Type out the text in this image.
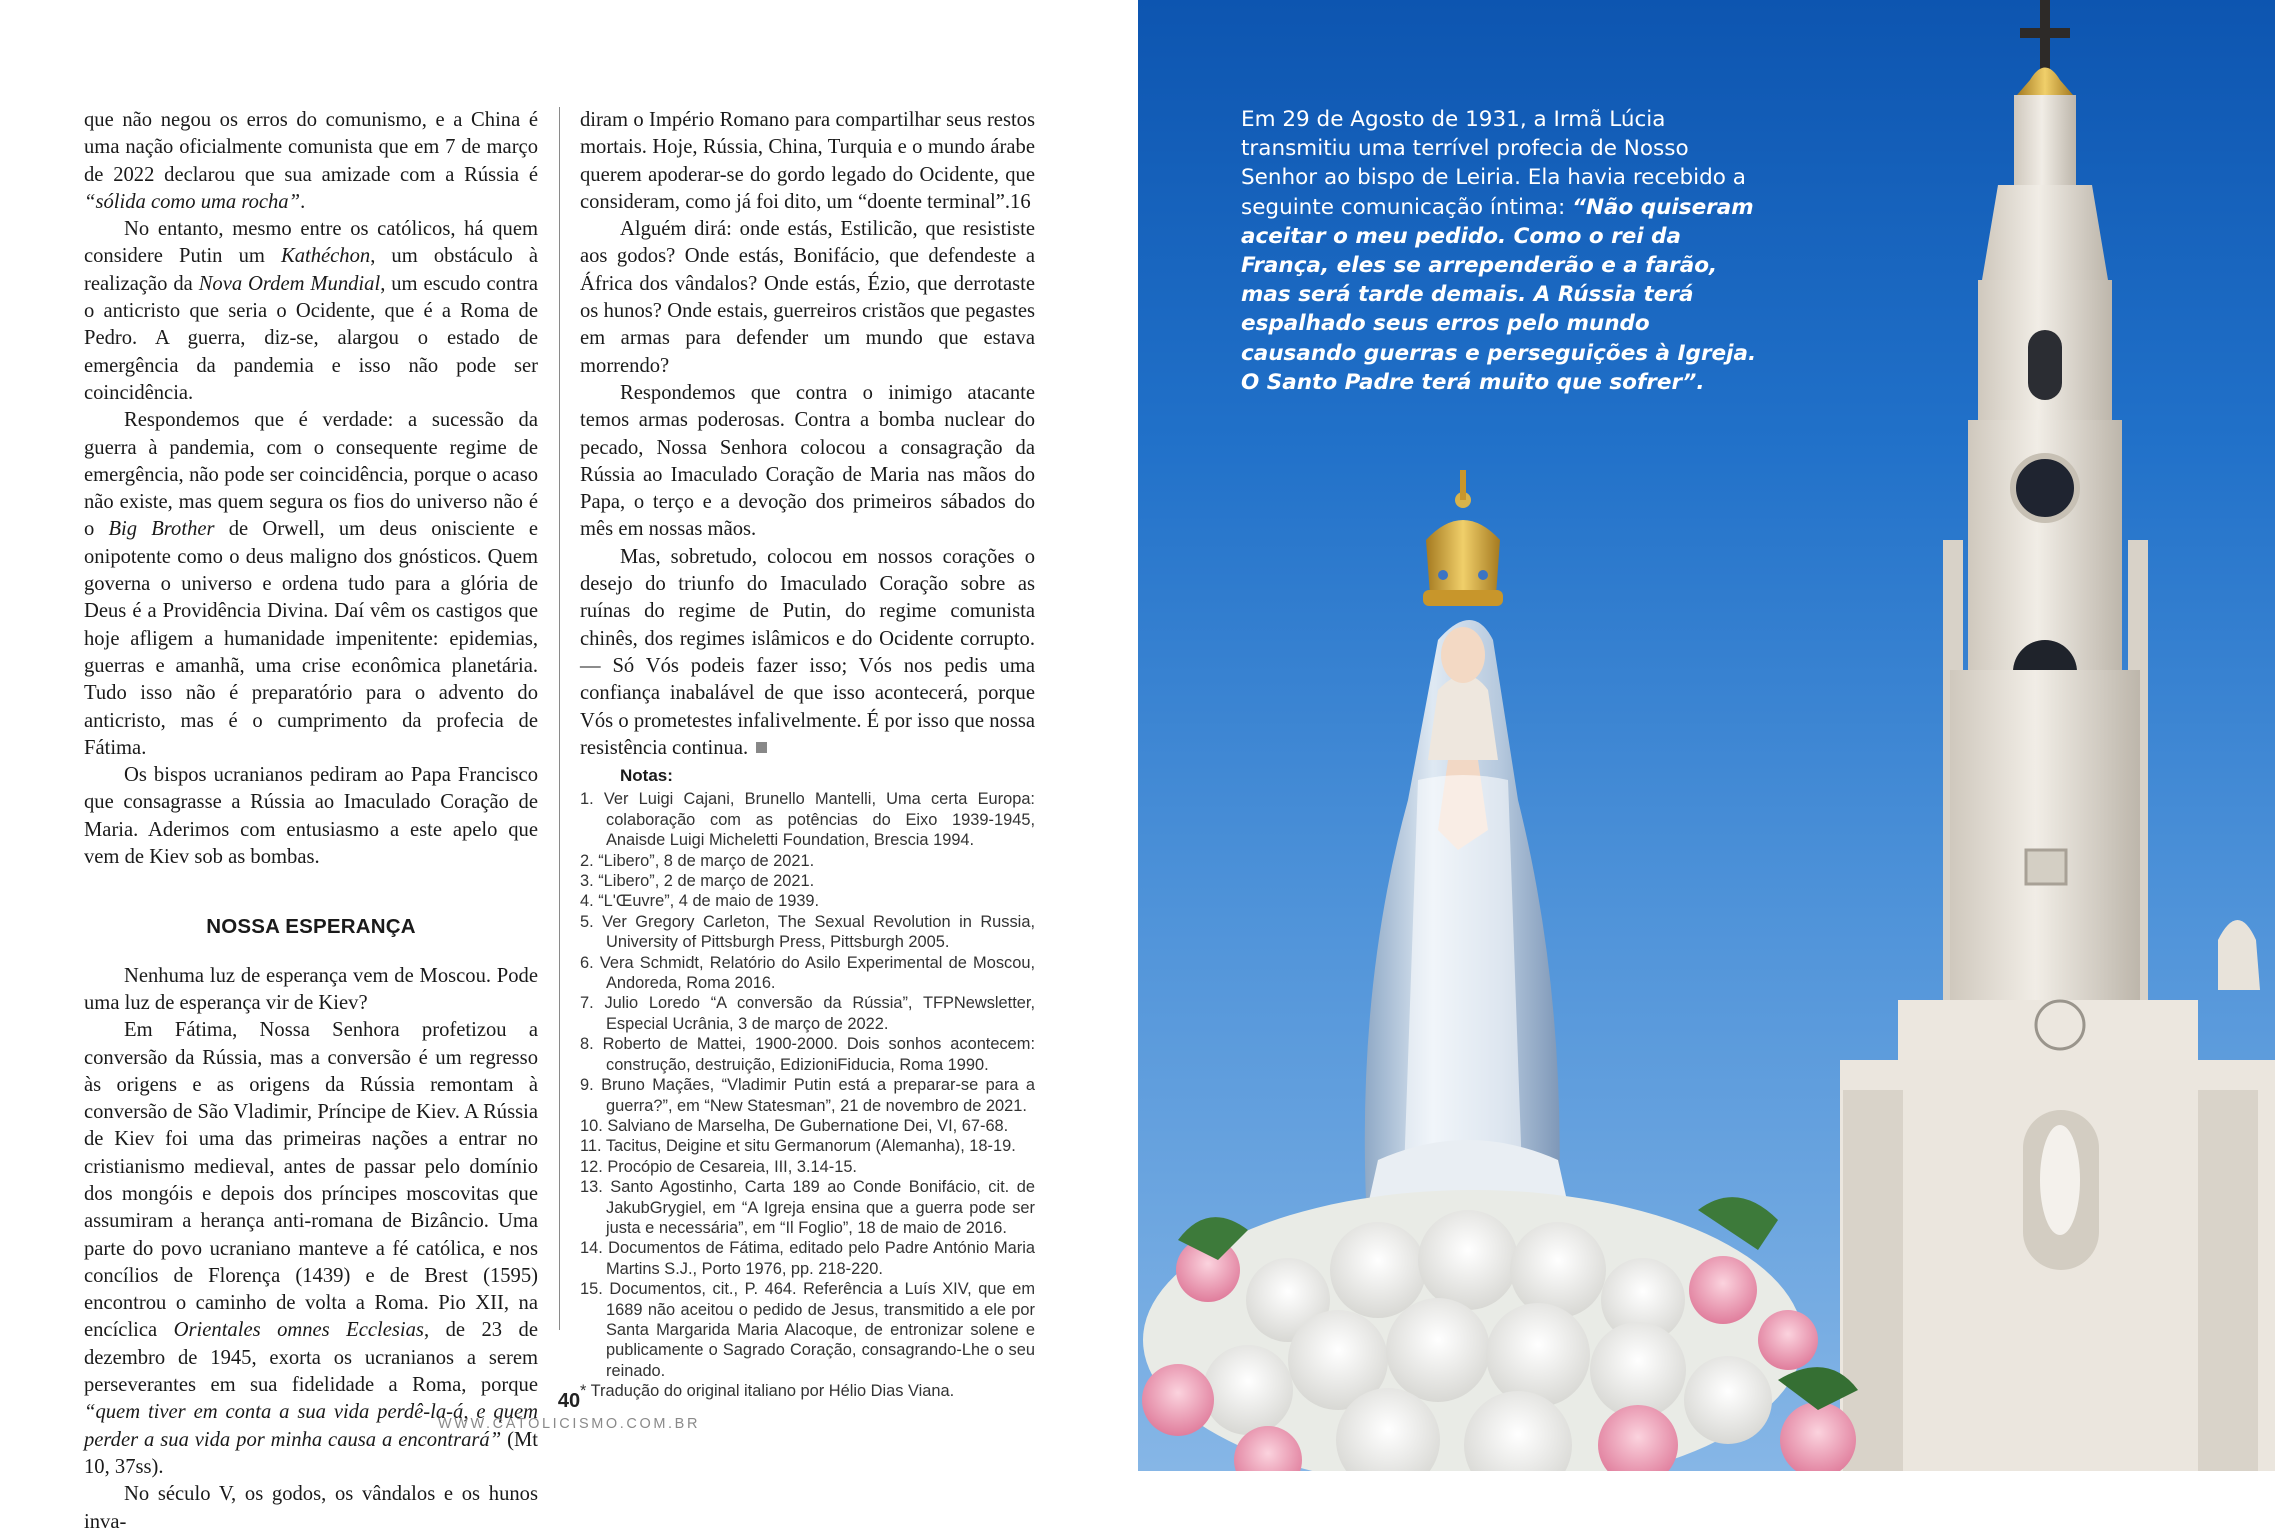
que não negou os erros do comunismo, e a China é uma nação oficialmente comunista que em 7 de março de 2022 declarou que sua amizade com a Rússia é “sólida como uma rocha”.

No entanto, mesmo entre os católicos, há quem considere Putin um Kathéchon, um obstáculo à realização da Nova Ordem Mundial, um escudo contra o anticristo que seria o Ocidente, que é a Roma de Pedro. A guerra, diz-se, alargou o estado de emergência da pandemia e isso não pode ser coincidência.

Respondemos que é verdade: a sucessão da guerra à pandemia, com o consequente regime de emergência, não pode ser coincidência, porque o acaso não existe, mas quem segura os fios do universo não é o Big Brother de Orwell, um deus onisciente e onipotente como o deus maligno dos gnósticos. Quem governa o universo e ordena tudo para a glória de Deus é a Providência Divina. Daí vêm os castigos que hoje afligem a humanidade impenitente: epidemias, guerras e amanhã, uma crise econômica planetária. Tudo isso não é preparatório para o advento do anticristo, mas é o cumprimento da profecia de Fátima.

Os bispos ucranianos pediram ao Papa Francisco que consagrasse a Rússia ao Imaculado Coração de Maria. Aderimos com entusiasmo a este apelo que vem de Kiev sob as bombas.

NOSSA ESPERANÇA

Nenhuma luz de esperança vem de Moscou. Pode uma luz de esperança vir de Kiev?

Em Fátima, Nossa Senhora profetizou a conversão da Rússia, mas a conversão é um regresso às origens e as origens da Rússia remontam à conversão de São Vladimir, Príncipe de Kiev. A Rússia de Kiev foi uma das primeiras nações a entrar no cristianismo medieval, antes de passar pelo domínio dos mongóis e depois dos príncipes moscovitas que assumiram a herança anti-romana de Bizâncio. Uma parte do povo ucraniano manteve a fé católica, e nos concílios de Florença (1439) e de Brest (1595) encontrou o caminho de volta a Roma. Pio XII, na encíclica Orientales omnes Ecclesias, de 23 de dezembro de 1945, exorta os ucranianos a serem perseverantes em sua fidelidade a Roma, porque “quem tiver em conta a sua vida perdê-la-á, e quem perder a sua vida por minha causa a encontrará” (Mt 10, 37ss).

No século V, os godos, os vândalos e os hunos inva-

diram o Império Romano para compartilhar seus restos mortais. Hoje, Rússia, China, Turquia e o mundo árabe querem apoderar-se do gordo legado do Ocidente, que consideram, como já foi dito, um “doente terminal”.16

Alguém dirá: onde estás, Estilicão, que resististe aos godos? Onde estás, Bonifácio, que defendeste a África dos vândalos? Onde estás, Ézio, que derrotaste os hunos? Onde estais, guerreiros cristãos que pegastes em armas para defender um mundo que estava morrendo?

Respondemos que contra o inimigo atacante temos armas poderosas. Contra a bomba nuclear do pecado, Nossa Senhora colocou a consagração da Rússia ao Imaculado Coração de Maria nas mãos do Papa, o terço e a devoção dos primeiros sábados do mês em nossas mãos.

Mas, sobretudo, colocou em nossos corações o desejo do triunfo do Imaculado Coração sobre as ruínas do regime de Putin, do regime comunista chinês, dos regimes islâmicos e do Ocidente corrupto. — Só Vós podeis fazer isso; Vós nos pedis uma confiança inabalável de que isso acontecerá, porque Vós o prometestes infalivelmente. É por isso que nossa resistência continua.

Notas:

1. Ver Luigi Cajani, Brunello Mantelli, Uma certa Europa: colaboração com as potências do Eixo 1939-1945, Anaisde Luigi Micheletti Foundation, Brescia 1994.
2. “Libero”, 8 de março de 2021.
3. “Libero”, 2 de março de 2021.
4. “L'Œuvre”, 4 de maio de 1939.
5. Ver Gregory Carleton, The Sexual Revolution in Russia, University of Pittsburgh Press, Pittsburgh 2005.
6. Vera Schmidt, Relatório do Asilo Experimental de Moscou, Andoreda, Roma 2016.
7. Julio Loredo “A conversão da Rússia”, TFPNewsletter, Especial Ucrânia, 3 de março de 2022.
8. Roberto de Mattei, 1900-2000. Dois sonhos acontecem: construção, destruição, EdizioniFiducia, Roma 1990.
9. Bruno Maçães, “Vladimir Putin está a preparar-se para a guerra?”, em “New Statesman”, 21 de novembro de 2021.
10. Salviano de Marselha, De Gubernatione Dei, VI, 67-68.
11. Tacitus, Deigine et situ Germanorum (Alemanha), 18-19.
12. Procópio de Cesareia, III, 3.14-15.
13. Santo Agostinho, Carta 189 ao Conde Bonifácio, cit. de JakubGrygiel, em “A Igreja ensina que a guerra pode ser justa e necessária”, em “Il Foglio”, 18 de maio de 2016.
14. Documentos de Fátima, editado pelo Padre António Maria Martins S.J., Porto 1976, pp. 218-220.
15. Documentos, cit., P. 464. Referência a Luís XIV, que em 1689 não aceitou o pedido de Jesus, transmitido a ele por Santa Margarida Maria Alacoque, de entronizar solene e publicamente o Sagrado Coração, consagrando-Lhe o seu reinado.
* Tradução do original italiano por Hélio Dias Viana.
40
WWW.CATOLICISMO.COM.BR
Em 29 de Agosto de 1931, a Irmã Lúcia transmitiu uma terrível profecia de Nosso Senhor ao bispo de Leiria. Ela havia recebido a seguinte comunicação íntima: “Não quiseram aceitar o meu pedido. Como o rei da França, eles se arrependerão e a farão, mas será tarde demais. A Rússia terá espalhado seus erros pelo mundo causando guerras e perseguições à Igreja. O Santo Padre terá muito que sofrer”.
